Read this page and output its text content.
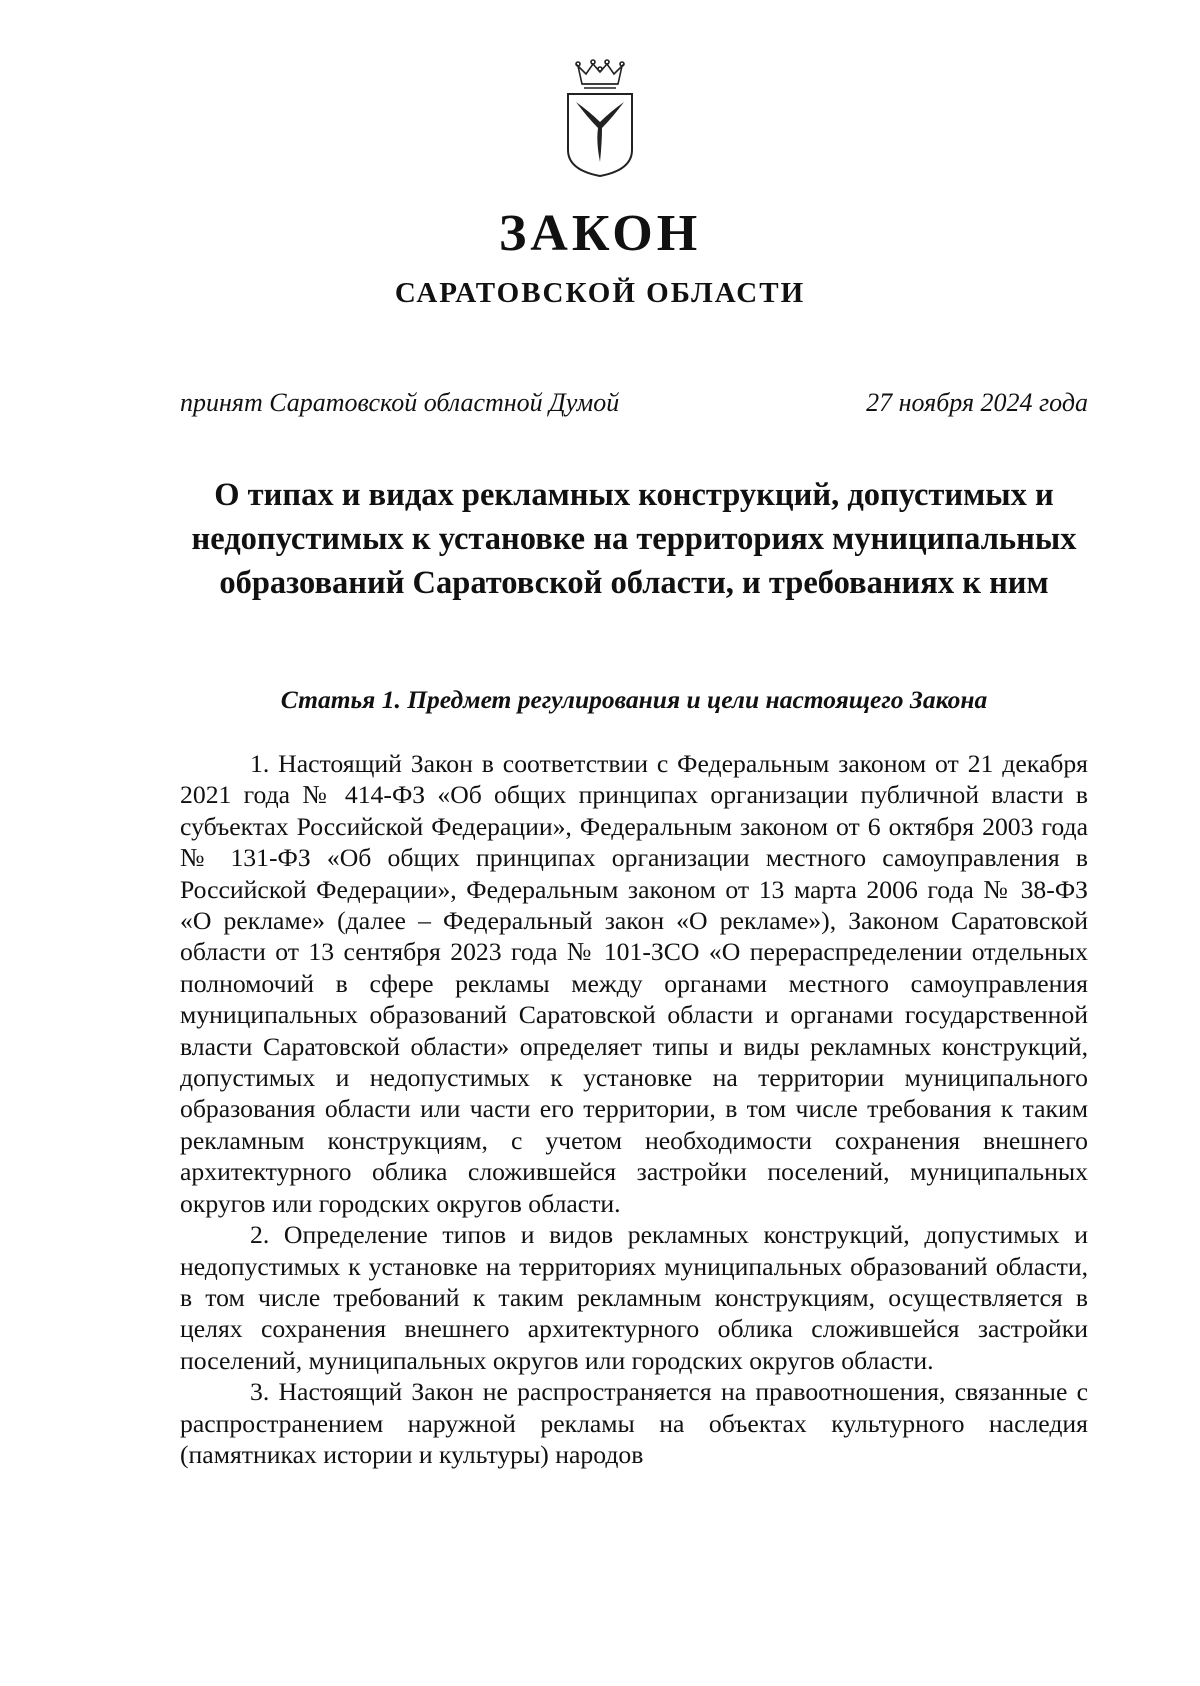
ЗАКОН
САРАТОВСКОЙ ОБЛАСТИ
принят Саратовской областной Думой	27 ноября 2024 года
О типах и видах рекламных конструкций, допустимых и недопустимых к установке на территориях муниципальных образований Саратовской области, и требованиях к ним
Статья 1. Предмет регулирования и цели настоящего Закона

1. Настоящий Закон в соответствии с Федеральным законом от 21 декабря 2021 года № 414-ФЗ «Об общих принципах организации публичной власти в субъектах Российской Федерации», Федеральным законом от 6 октября 2003 года № 131-ФЗ «Об общих принципах организации местного самоуправления в Российской Федерации», Федеральным законом от 13 марта 2006 года № 38-ФЗ «О рекламе» (далее – Федеральный закон «О рекламе»), Законом Саратовской области от 13 сентября 2023 года № 101-ЗСО «О перераспределении отдельных полномочий в сфере рекламы между органами местного самоуправления муниципальных образований Саратовской области и органами государственной власти Саратовской области» определяет типы и виды рекламных конструкций, допустимых и недопустимых к установке на территории муниципального образования области или части его территории, в том числе требования к таким рекламным конструкциям, с учетом необходимости сохранения внешнего архитектурного облика сложившейся застройки поселений, муниципальных округов или городских округов области.

2. Определение типов и видов рекламных конструкций, допустимых и недопустимых к установке на территориях муниципальных образований области, в том числе требований к таким рекламным конструкциям, осуществляется в целях сохранения внешнего архитектурного облика сложившейся застройки поселений, муниципальных округов или городских округов области.

3. Настоящий Закон не распространяется на правоотношения, связанные с распространением наружной рекламы на объектах культурного наследия (памятниках истории и культуры) народов
